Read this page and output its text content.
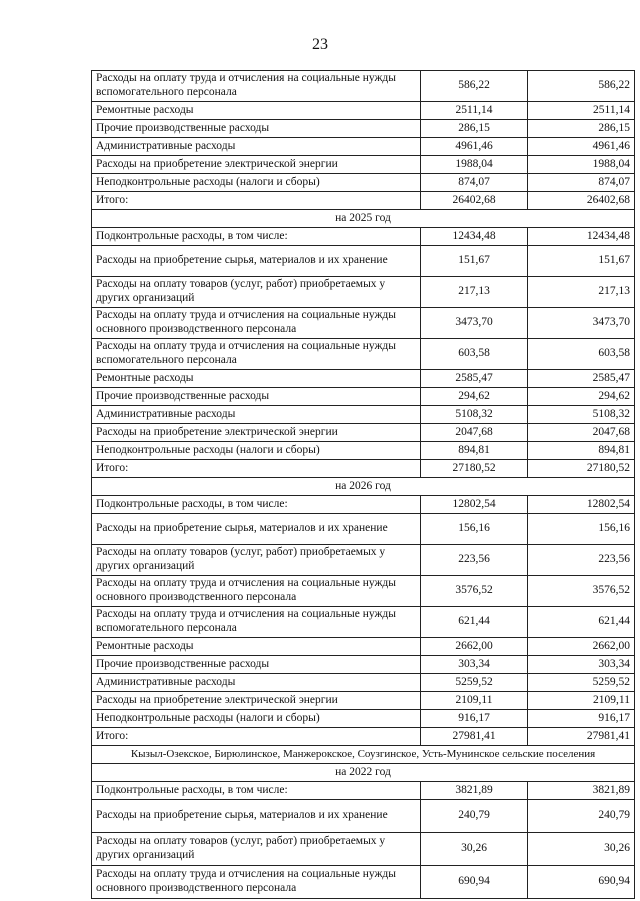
23
Расходы на оплату труда и отчисления на социальные нужды вспомогательного персонала	586,22	586,22
Ремонтные расходы	2511,14	2511,14
Прочие производственные расходы	286,15	286,15
Административные расходы	4961,46	4961,46
Расходы на приобретение электрической энергии	1988,04	1988,04
Неподконтрольные расходы (налоги и сборы)	874,07	874,07
Итого:	26402,68	26402,68
на 2025 год		
Подконтрольные расходы, в том числе:	12434,48	12434,48
Расходы на приобретение сырья, материалов и их хранение	151,67	151,67
Расходы на оплату товаров (услуг, работ) приобретаемых у других организаций	217,13	217,13
Расходы на оплату труда и отчисления на социальные нужды основного производственного персонала	3473,70	3473,70
Расходы на оплату труда и отчисления на социальные нужды вспомогательного персонала	603,58	603,58
Ремонтные расходы	2585,47	2585,47
Прочие производственные расходы	294,62	294,62
Административные расходы	5108,32	5108,32
Расходы на приобретение электрической энергии	2047,68	2047,68
Неподконтрольные расходы (налоги и сборы)	894,81	894,81
Итого:	27180,52	27180,52
на 2026 год		
Подконтрольные расходы, в том числе:	12802,54	12802,54
Расходы на приобретение сырья, материалов и их хранение	156,16	156,16
Расходы на оплату товаров (услуг, работ) приобретаемых у других организаций	223,56	223,56
Расходы на оплату труда и отчисления на социальные нужды основного производственного персонала	3576,52	3576,52
Расходы на оплату труда и отчисления на социальные нужды вспомогательного персонала	621,44	621,44
Ремонтные расходы	2662,00	2662,00
Прочие производственные расходы	303,34	303,34
Административные расходы	5259,52	5259,52
Расходы на приобретение электрической энергии	2109,11	2109,11
Неподконтрольные расходы (налоги и сборы)	916,17	916,17
Итого:	27981,41	27981,41
Кызыл-Озекское, Бирюлинское, Манжерокское, Соузгинское, Усть-Мунинское сельские поселения		
на 2022 год		
Подконтрольные расходы, в том числе:	3821,89	3821,89
Расходы на приобретение сырья, материалов и их хранение	240,79	240,79
Расходы на оплату товаров (услуг, работ) приобретаемых у других организаций	30,26	30,26
Расходы на оплату труда и отчисления на социальные нужды основного производственного персонала	690,94	690,94
